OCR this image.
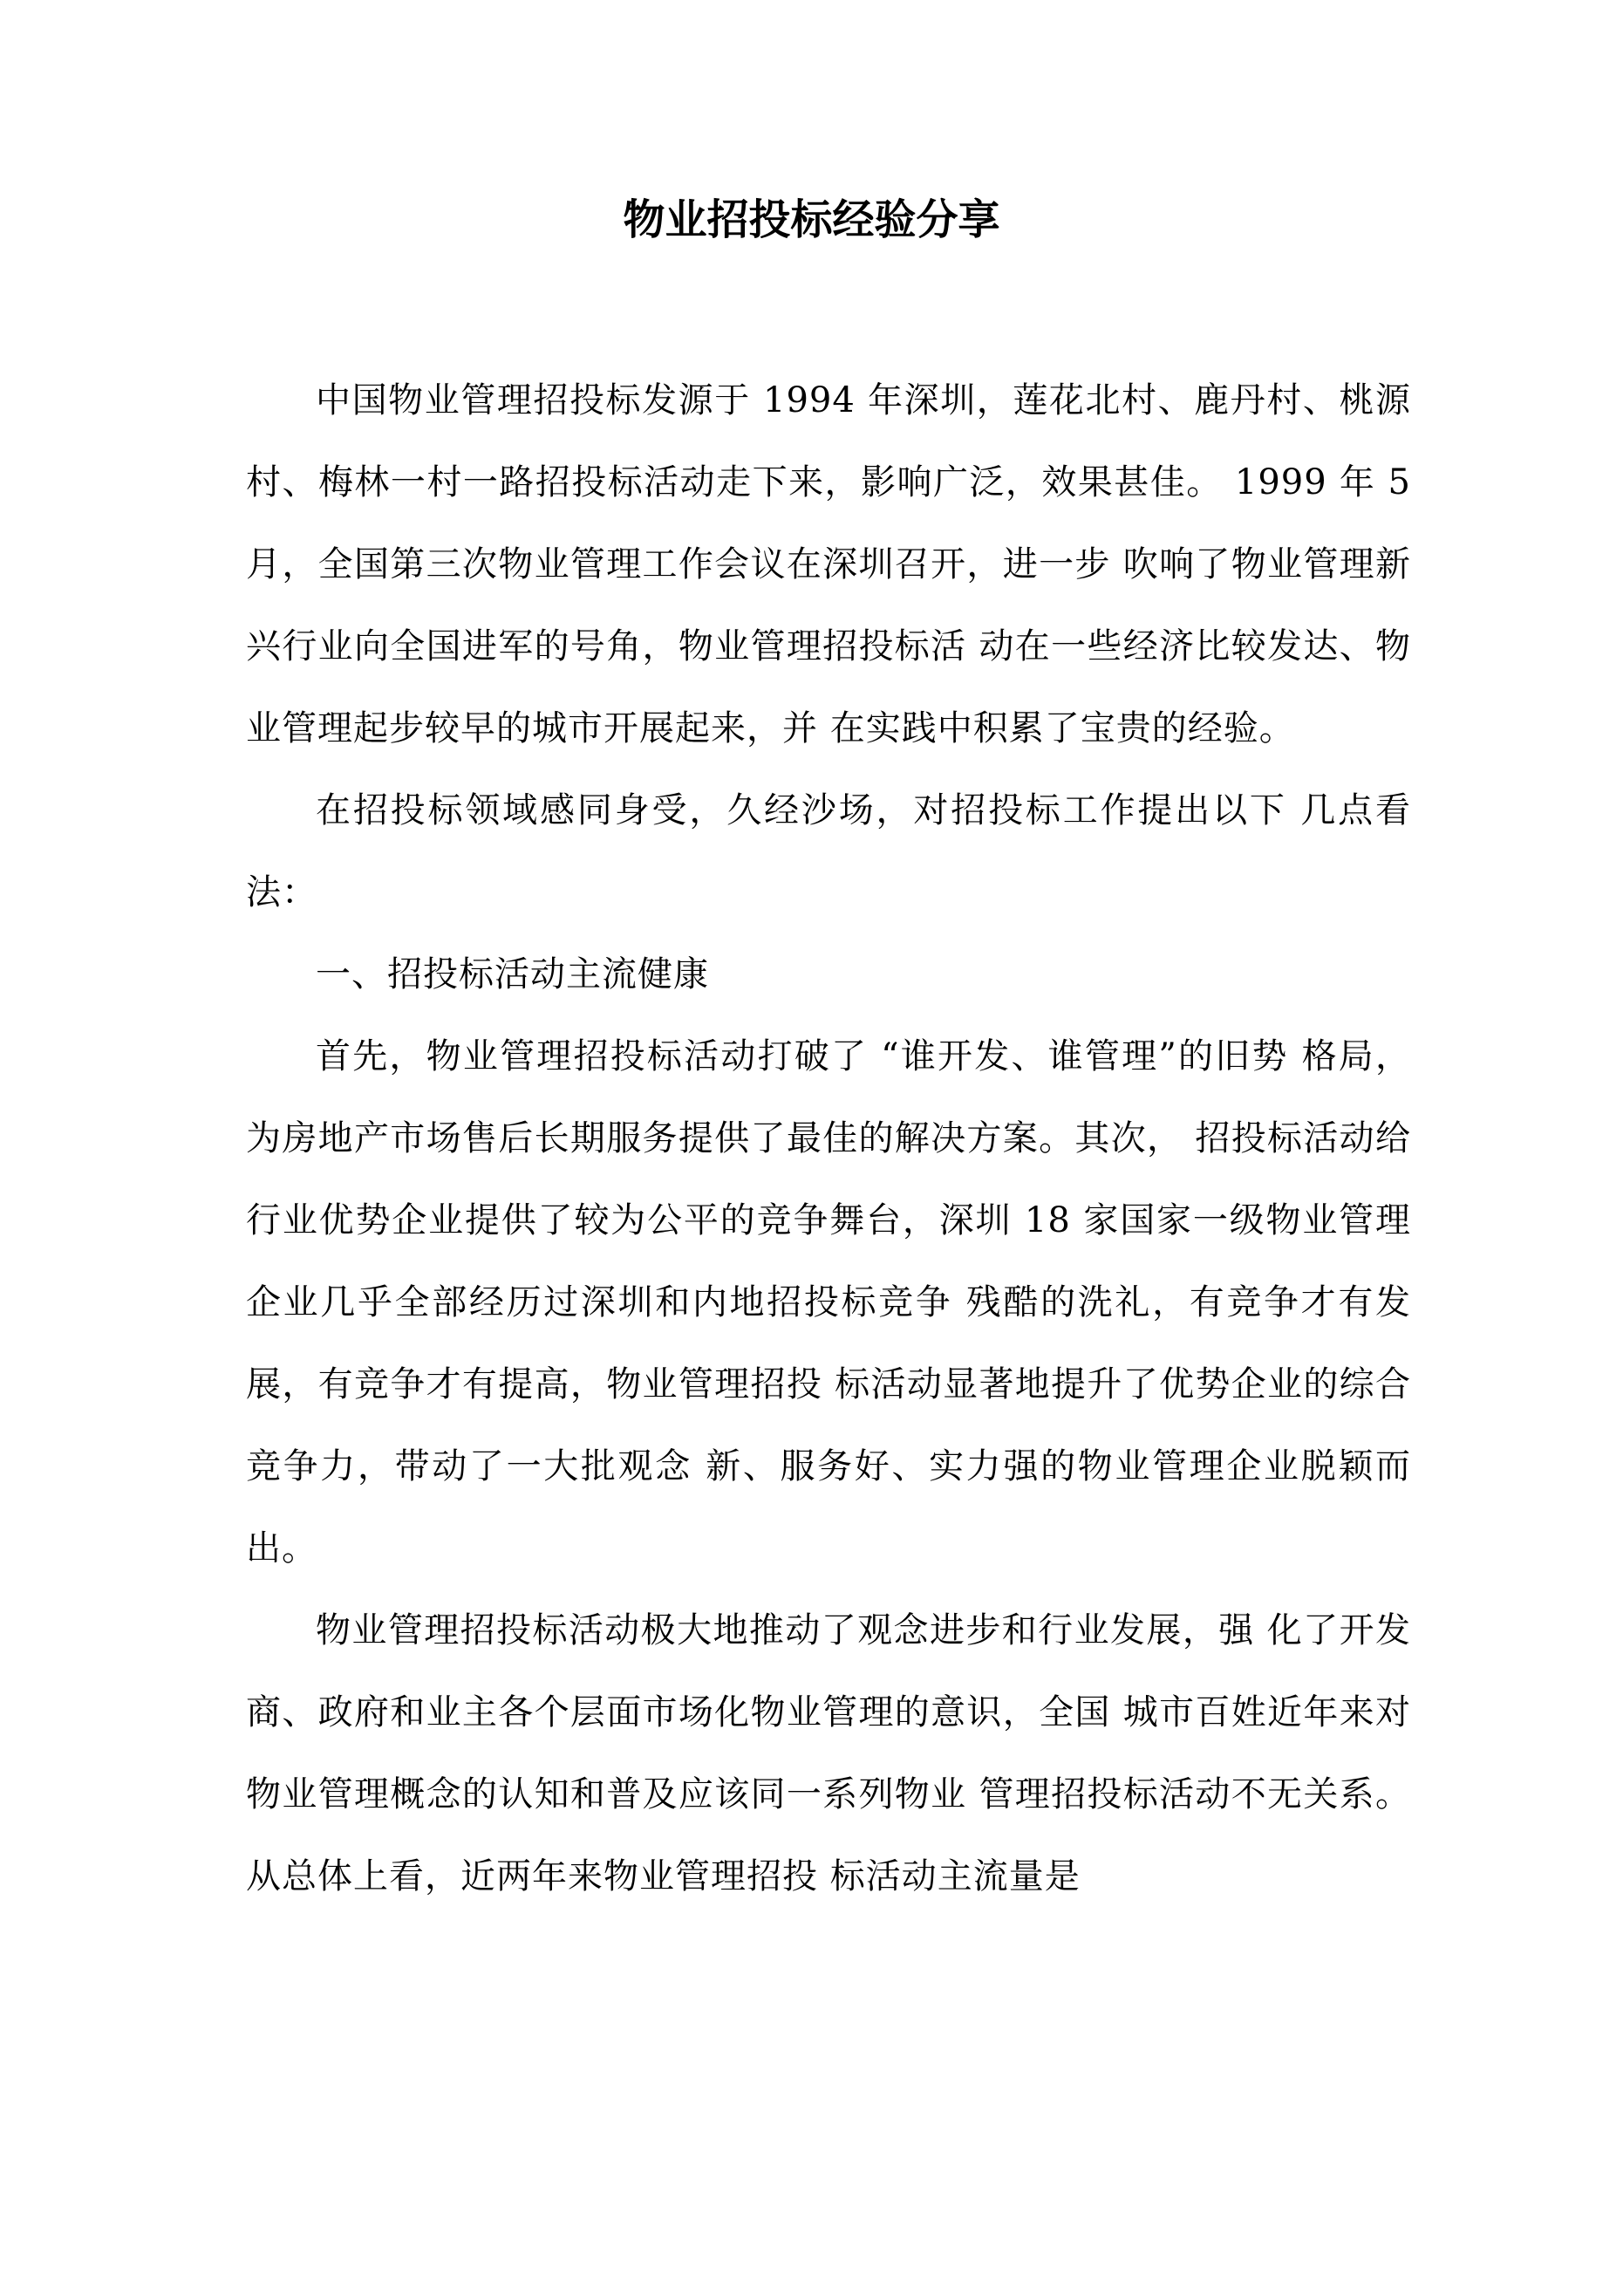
物业招投标经验分享

中国物业管理招投标发源于 1994 年深圳，莲花北村、鹿丹村、桃源村、梅林一村一路招投标活动走下来，影响广泛，效果甚佳。 1999 年 5 月，全国第三次物业管理工作会议在深圳召开，进一步 吹响了物业管理新兴行业向全国进军的号角，物业管理招投标活 动在一些经济比较发达、物业管理起步较早的城市开展起来，并 在实践中积累了宝贵的经验。

在招投标领域感同身受，久经沙场，对招投标工作提出以下 几点看法：

一、招投标活动主流健康

首先，物业管理招投标活动打破了 “谁开发、谁管理”的旧势 格局，为房地产市场售后长期服务提供了最佳的解决方案。其次， 招投标活动给行业优势企业提供了较为公平的竞争舞台，深圳 18 家国家一级物业管理企业几乎全部经历过深圳和内地招投标竞争 残酷的洗礼，有竞争才有发展，有竞争才有提高，物业管理招投 标活动显著地提升了优势企业的综合竞争力，带动了一大批观念 新、服务好、实力强的物业管理企业脱颖而出。

物业管理招投标活动极大地推动了观念进步和行业发展，强 化了开发商、政府和业主各个层面市场化物业管理的意识，全国 城市百姓近年来对物业管理概念的认知和普及应该同一系列物业 管理招投标活动不无关系。从总体上看，近两年来物业管理招投 标活动主流量是
